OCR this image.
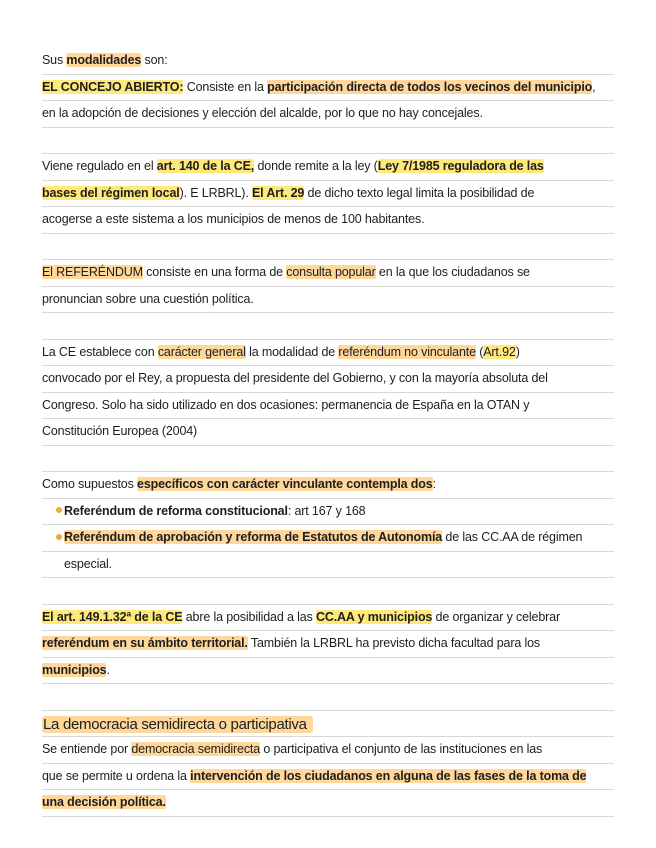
Sus modalidades son:
EL CONCEJO ABIERTO: Consiste en la participación directa de todos los vecinos del municipio,
en la adopción de decisiones y elección del alcalde, por lo que no hay concejales.
Viene regulado en el art. 140 de la CE, donde remite a la ley (Ley 7/1985 reguladora de las
bases del régimen local). E LRBRL). El Art. 29 de dicho texto legal limita la posibilidad de
acogerse a este sistema a los municipios de menos de 100 habitantes.
El REFERÉNDUM consiste en una forma de consulta popular en la que los ciudadanos se
pronuncian sobre una cuestión política.
La CE establece con carácter general la modalidad de referéndum no vinculante (Art.92)
convocado por el Rey, a propuesta del presidente del Gobierno, y con la mayoría absoluta del
Congreso. Solo ha sido utilizado en dos ocasiones: permanencia de España en la OTAN y
Constitución Europea (2004)
Como supuestos específicos con carácter vinculante contempla dos:
Referéndum de reforma constitucional: art 167 y 168
Referéndum de aprobación y reforma de Estatutos de Autonomía de las CC.AA de régimen
especial.
El art. 149.1.32ª de la CE abre la posibilidad a las CC.AA y municipios de organizar y celebrar
referéndum en su ámbito territorial. También la LRBRL ha previsto dicha facultad para los
municipios.
La democracia semidirecta o participativa
Se entiende por democracia semidirecta o participativa el conjunto de las instituciones en las
que se permite u ordena la intervención de los ciudadanos en alguna de las fases de la toma de
una decisión política.
